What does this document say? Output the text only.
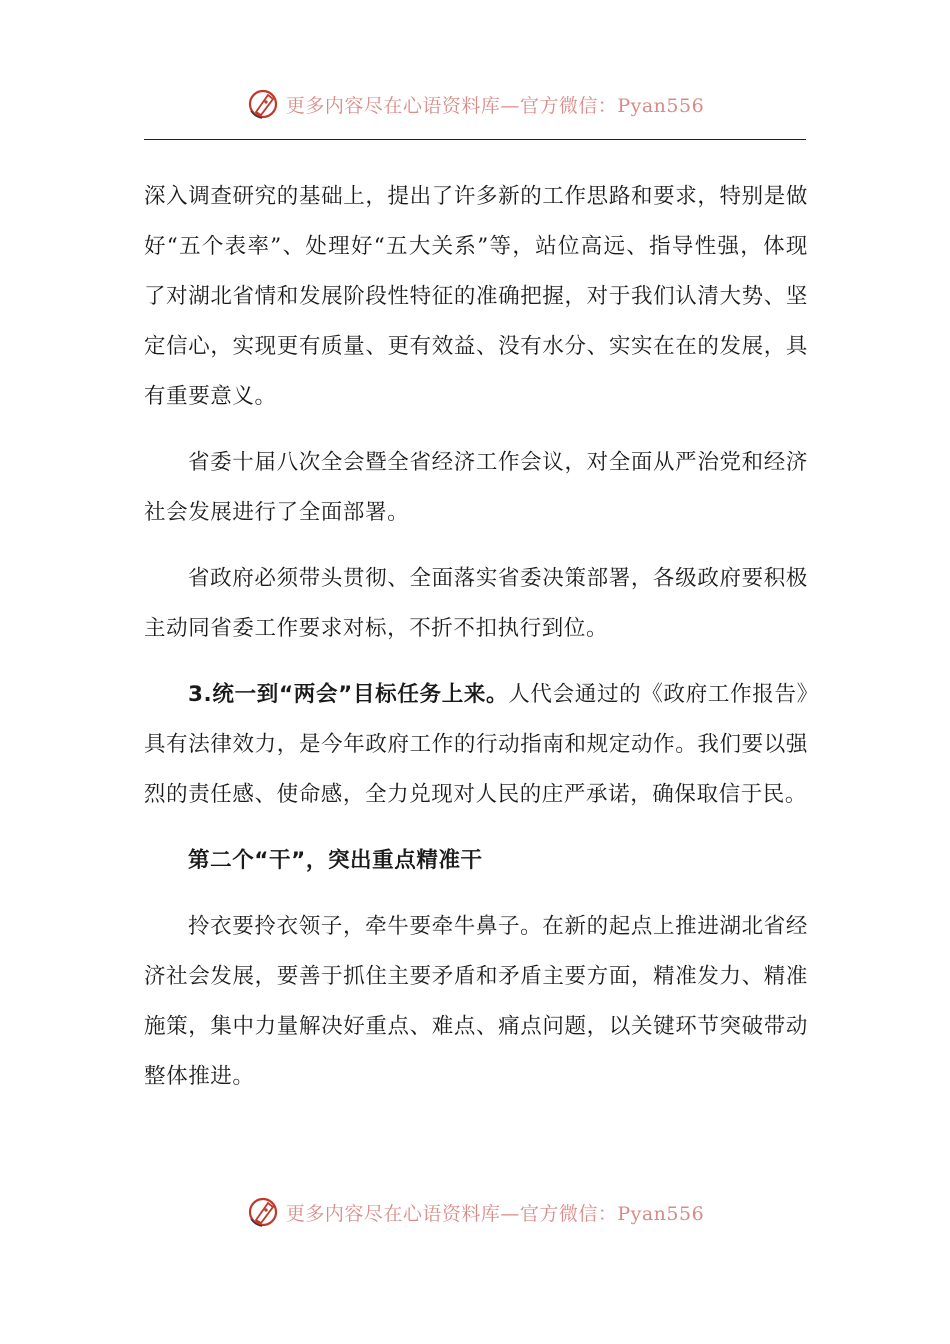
更多内容尽在心语资料库—官方微信：Pyan556

深入调查研究的基础上，提出了许多新的工作思路和要求，特别是做好“五个表率”、处理好“五大关系”等，站位高远、指导性强，体现了对湖北省情和发展阶段性特征的准确把握，对于我们认清大势、坚定信心，实现更有质量、更有效益、没有水分、实实在在的发展，具有重要意义。

省委十届八次全会暨全省经济工作会议，对全面从严治党和经济社会发展进行了全面部署。

省政府必须带头贯彻、全面落实省委决策部署，各级政府要积极主动同省委工作要求对标，不折不扣执行到位。

3.统一到“两会”目标任务上来。人代会通过的《政府工作报告》具有法律效力，是今年政府工作的行动指南和规定动作。我们要以强烈的责任感、使命感，全力兑现对人民的庄严承诺，确保取信于民。

第二个“干”，突出重点精准干

拎衣要拎衣领子，牵牛要牵牛鼻子。在新的起点上推进湖北省经济社会发展，要善于抓住主要矛盾和矛盾主要方面，精准发力、精准施策，集中力量解决好重点、难点、痛点问题，以关键环节突破带动整体推进。

更多内容尽在心语资料库—官方微信：Pyan556
